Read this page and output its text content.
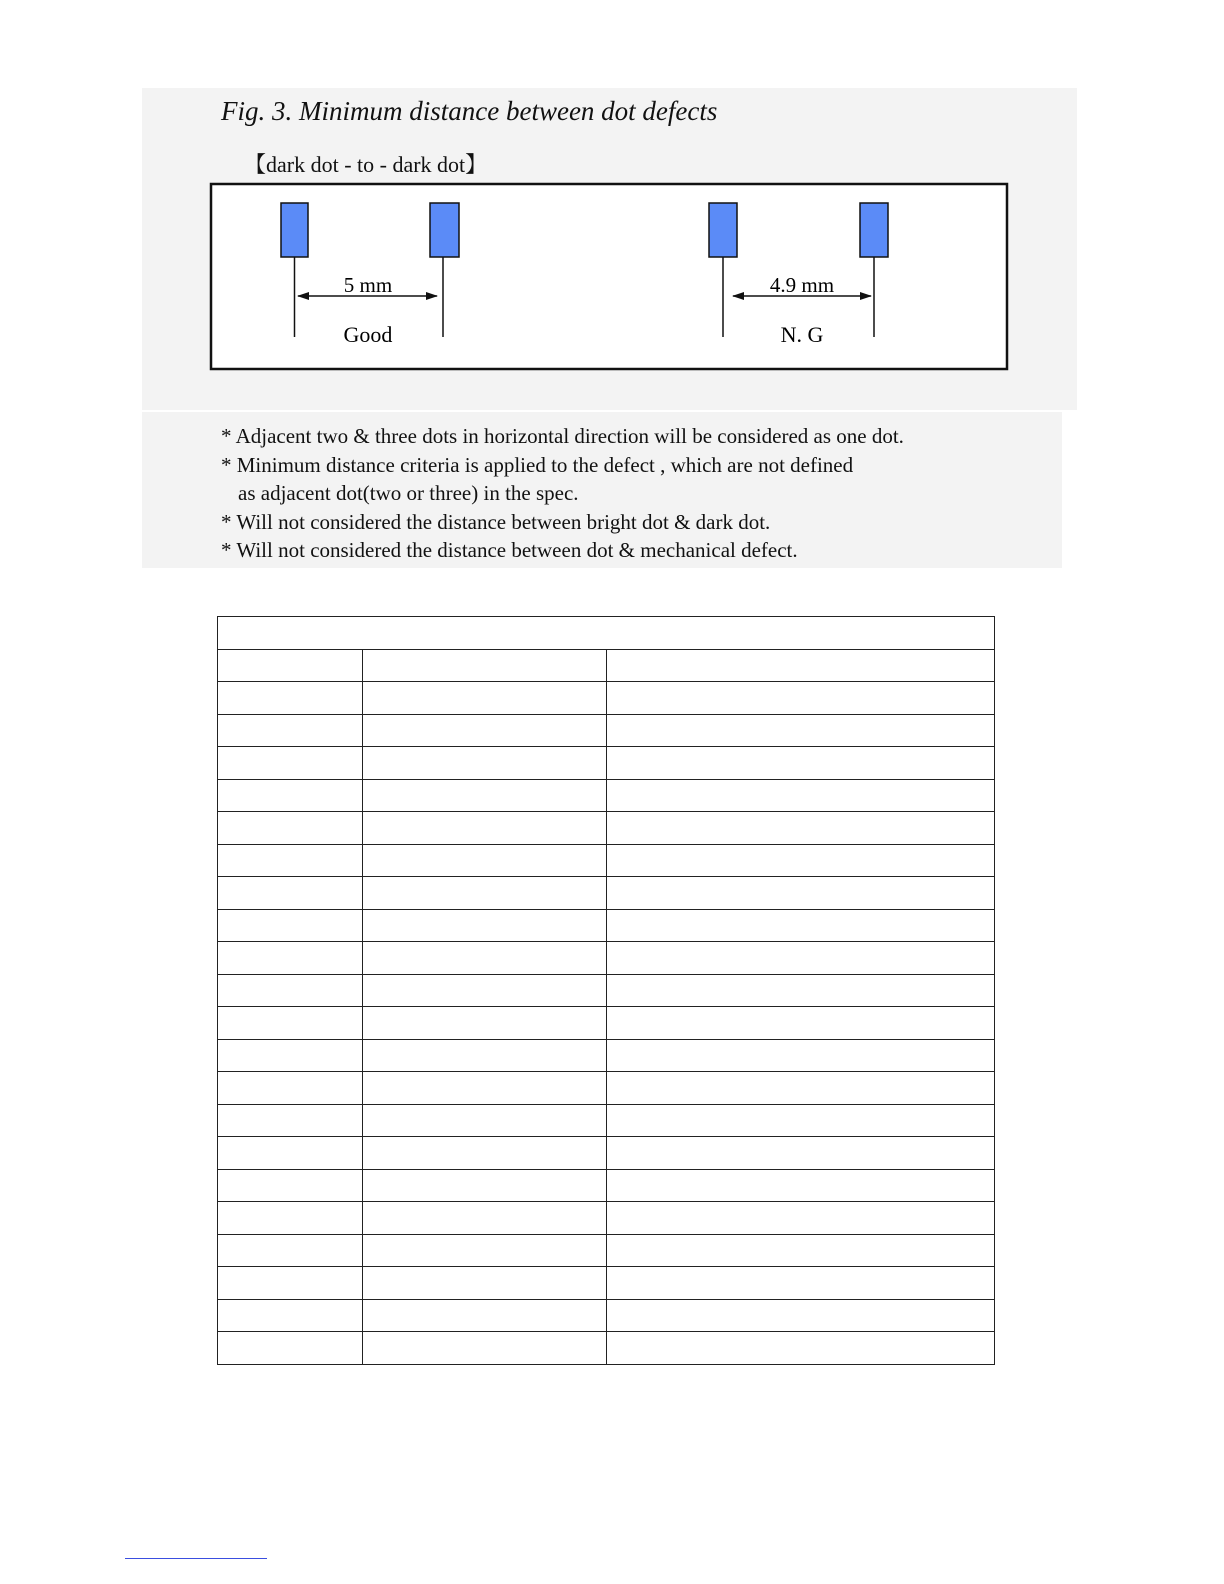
Fig. 3. Minimum distance between dot defects
【dark dot - to - dark dot】
5 mm
Good
4.9 mm
N. G
* Adjacent two & three dots in horizontal direction will be considered as one dot.
* Minimum distance criteria is applied to the defect , which are not defined
as adjacent dot(two or three) in the spec.
* Will not considered the distance between bright dot & dark dot.
* Will not considered the distance between dot & mechanical defect.
